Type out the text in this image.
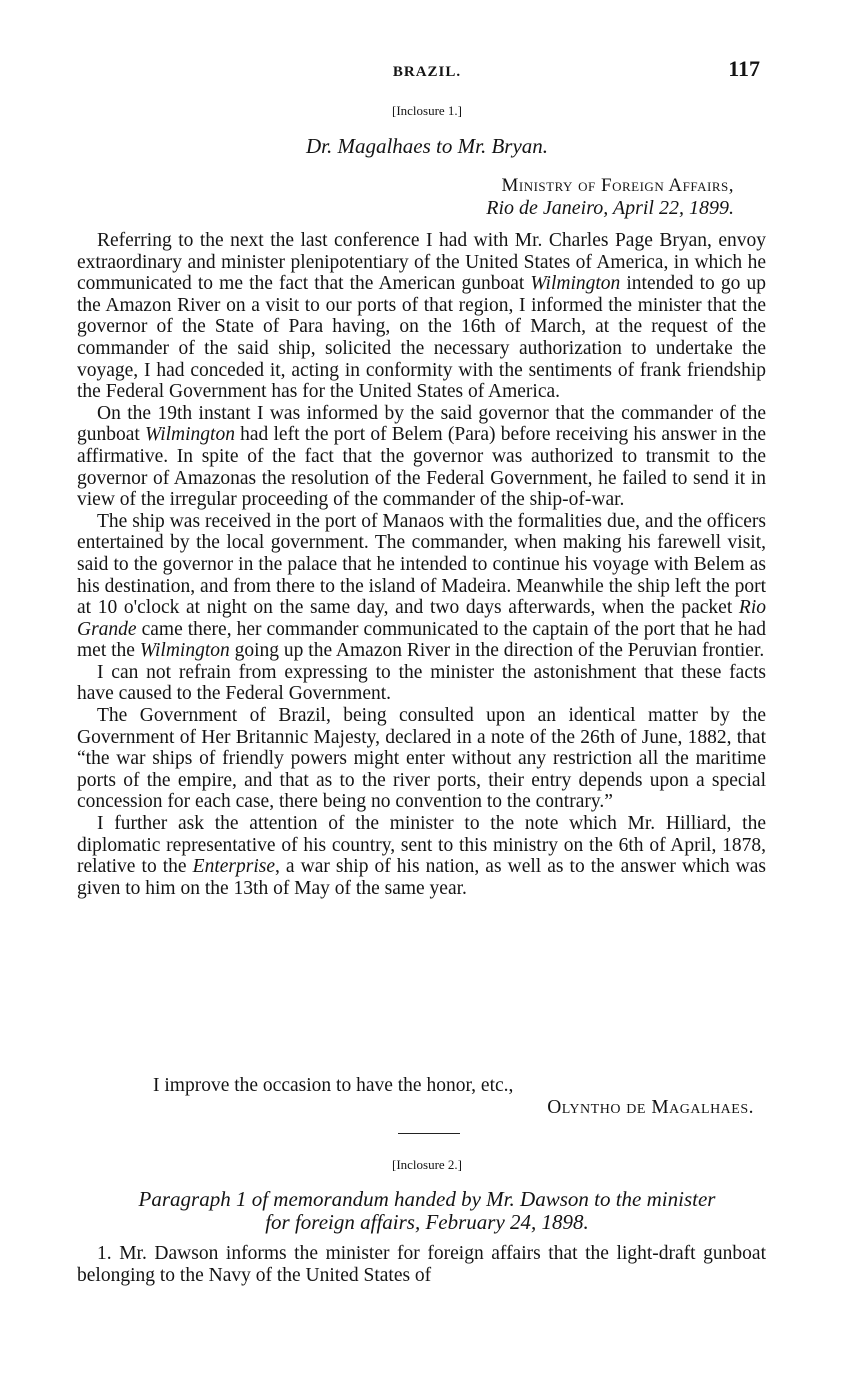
BRAZIL.	117
[Inclosure 1.]
Dr. Magalhaes to Mr. Bryan.
Ministry of Foreign Affairs,
Rio de Janeiro, April 22, 1899.

Referring to the next the last conference I had with Mr. Charles Page Bryan, envoy extraordinary and minister plenipotentiary of the United States of America, in which he communicated to me the fact that the American gunboat Wilmington intended to go up the Amazon River on a visit to our ports of that region, I informed the minister that the governor of the State of Para having, on the 16th of March, at the request of the commander of the said ship, solicited the necessary authorization to undertake the voyage, I had conceded it, acting in conformity with the sentiments of frank friendship the Federal Government has for the United States of America.

On the 19th instant I was informed by the said governor that the commander of the gunboat Wilmington had left the port of Belem (Para) before receiving his answer in the affirmative. In spite of the fact that the governor was authorized to transmit to the governor of Amazonas the resolution of the Federal Government, he failed to send it in view of the irregular proceeding of the commander of the ship-of-war.

The ship was received in the port of Manaos with the formalities due, and the officers entertained by the local government. The commander, when making his farewell visit, said to the governor in the palace that he intended to continue his voyage with Belem as his destination, and from there to the island of Madeira. Meanwhile the ship left the port at 10 o'clock at night on the same day, and two days afterwards, when the packet Rio Grande came there, her commander communicated to the captain of the port that he had met the Wilmington going up the Amazon River in the direction of the Peruvian frontier.

I can not refrain from expressing to the minister the astonishment that these facts have caused to the Federal Government.

The Government of Brazil, being consulted upon an identical matter by the Government of Her Britannic Majesty, declared in a note of the 26th of June, 1882, that “the war ships of friendly powers might enter without any restriction all the maritime ports of the empire, and that as to the river ports, their entry depends upon a special concession for each case, there being no convention to the contrary.”

I further ask the attention of the minister to the note which Mr. Hilliard, the diplomatic representative of his country, sent to this ministry on the 6th of April, 1878, relative to the Enterprise, a war ship of his nation, as well as to the answer which was given to him on the 13th of May of the same year.

I improve the occasion to have the honor, etc.,
Olyntho de Magalhaes.
[Inclosure 2.]
Paragraph 1 of memorandum handed by Mr. Dawson to the minister
for foreign affairs, February 24, 1898.

1. Mr. Dawson informs the minister for foreign affairs that the light-draft gunboat belonging to the Navy of the United States of
